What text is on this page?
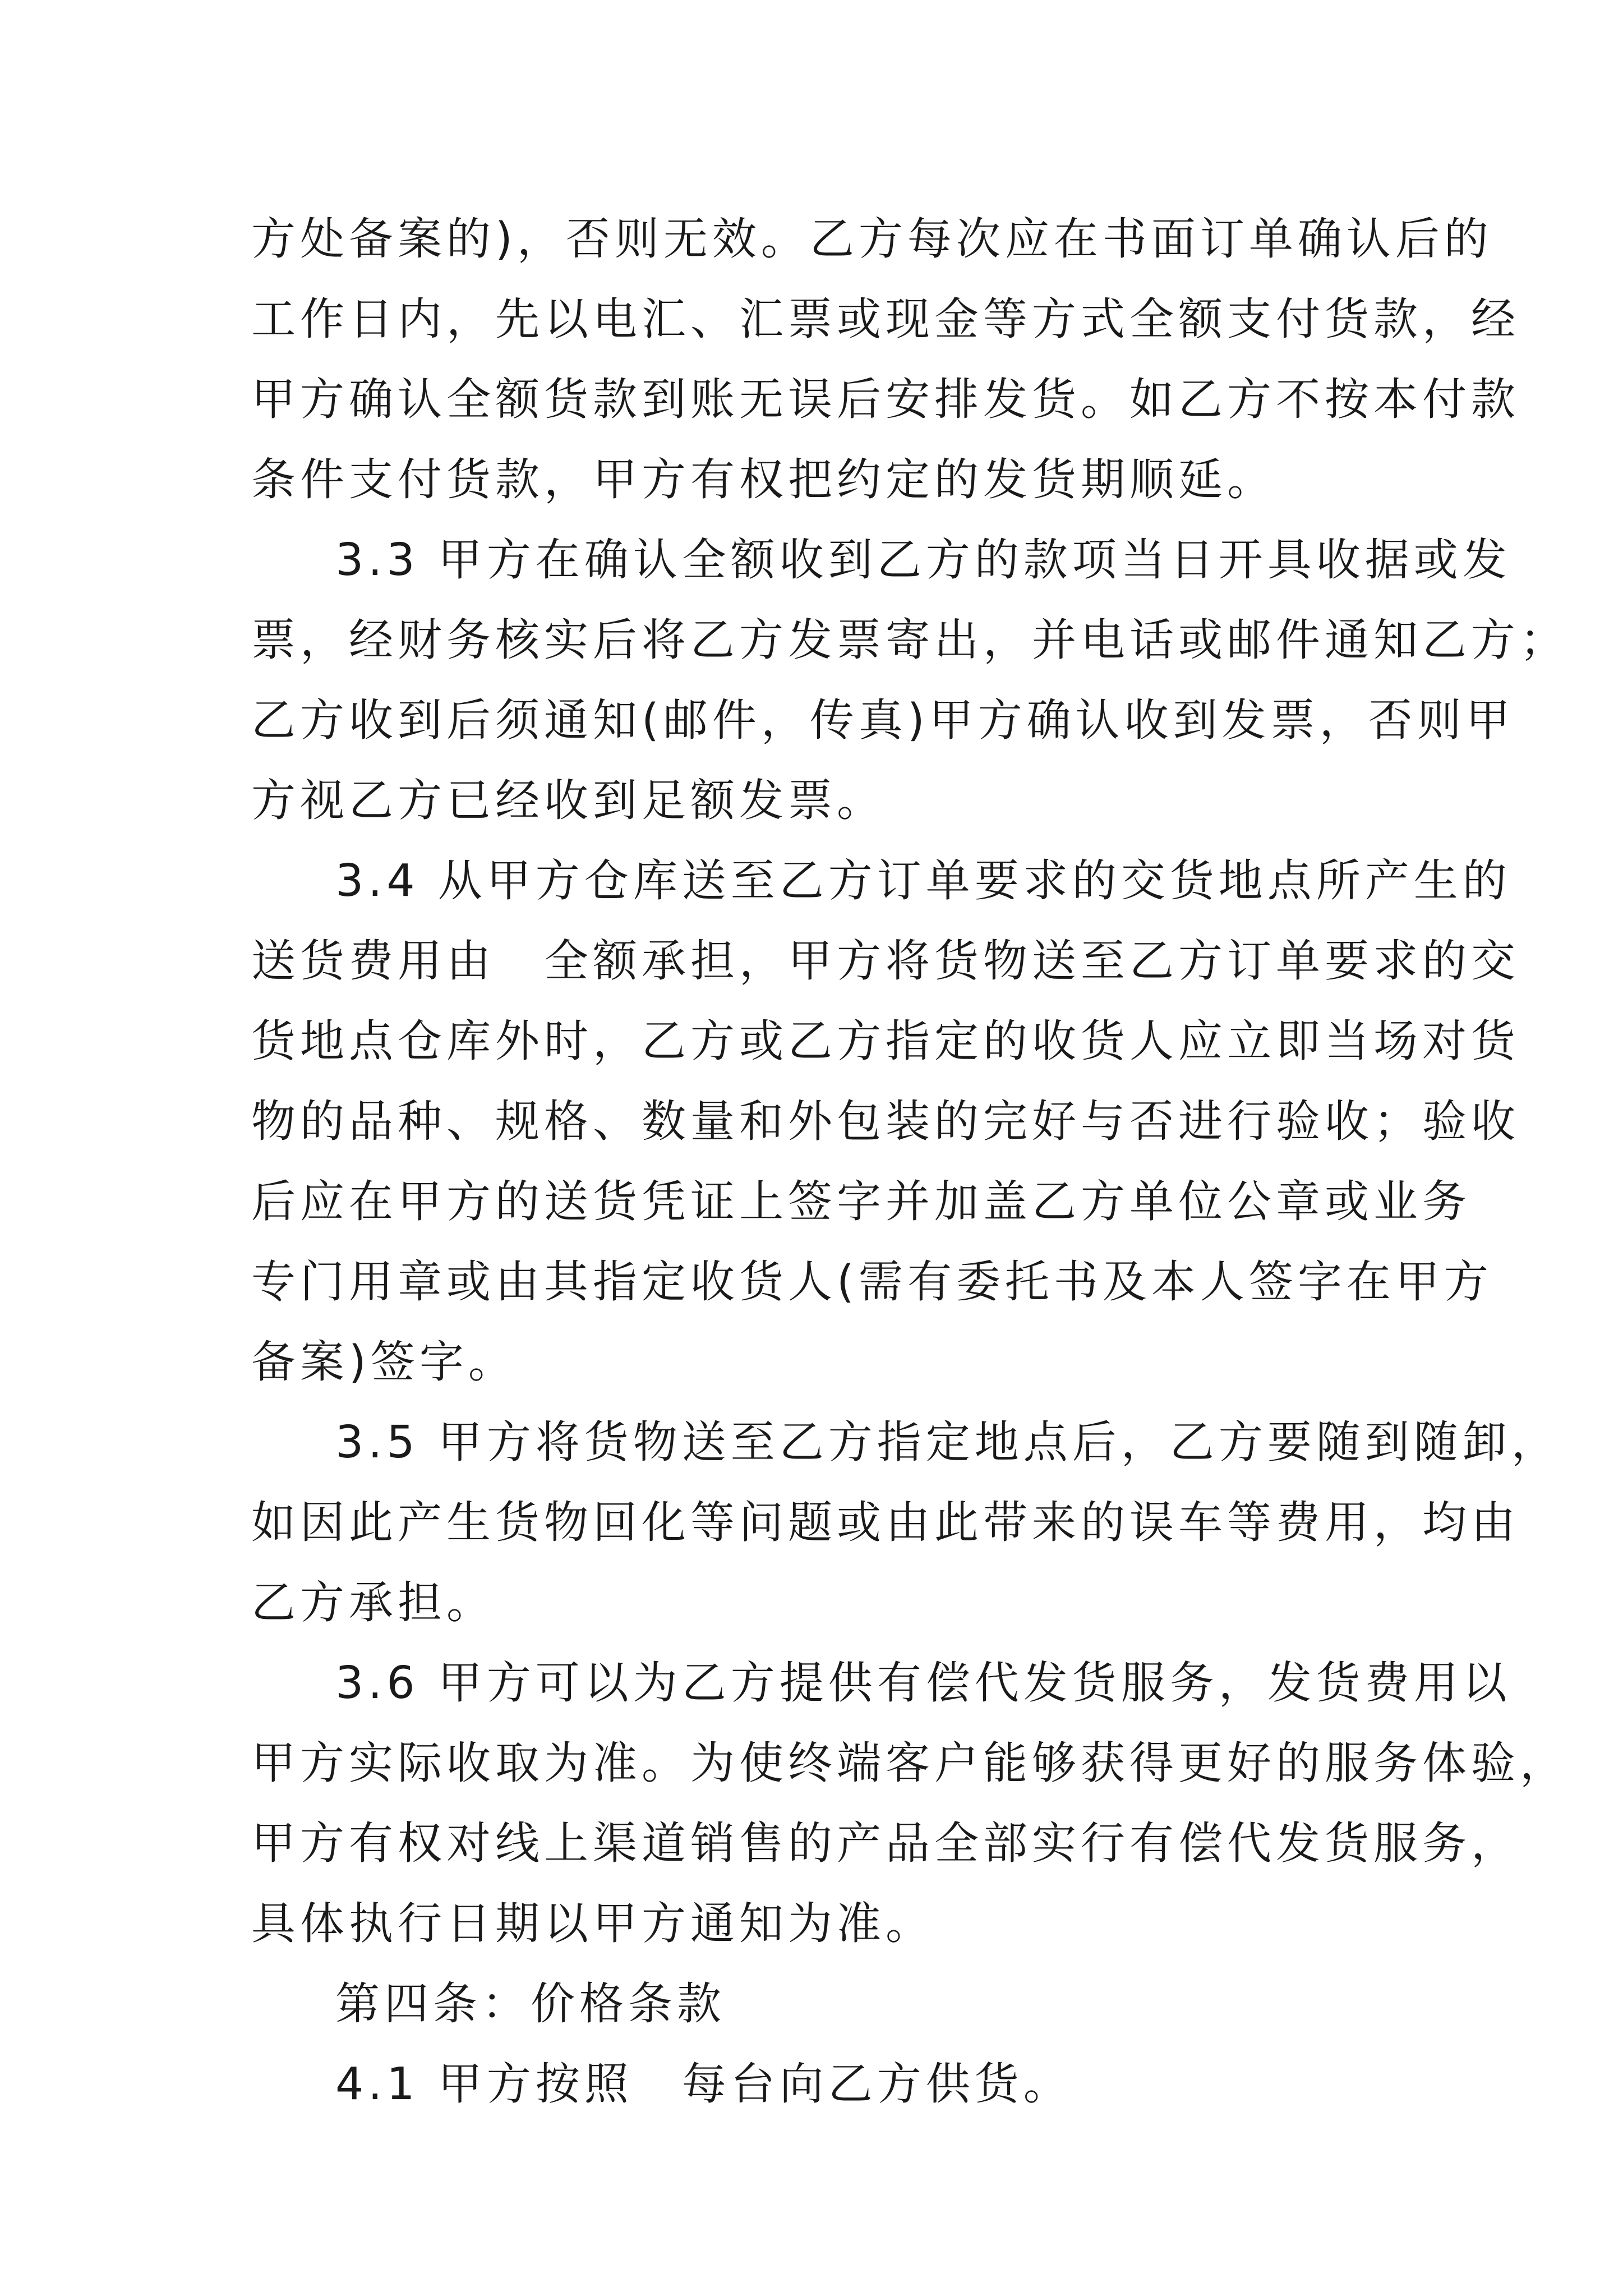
方处备案的)，否则无效。乙方每次应在书面订单确认后的
工作日内，先以电汇、汇票或现金等方式全额支付货款，经
甲方确认全额货款到账无误后安排发货。如乙方不按本付款
条件支付货款，甲方有权把约定的发货期顺延。
3.3 甲方在确认全额收到乙方的款项当日开具收据或发
票，经财务核实后将乙方发票寄出，并电话或邮件通知乙方；
乙方收到后须通知(邮件，传真)甲方确认收到发票，否则甲
方视乙方已经收到足额发票。
3.4 从甲方仓库送至乙方订单要求的交货地点所产生的
送货费用由　全额承担，甲方将货物送至乙方订单要求的交
货地点仓库外时，乙方或乙方指定的收货人应立即当场对货
物的品种、规格、数量和外包装的完好与否进行验收；验收
后应在甲方的送货凭证上签字并加盖乙方单位公章或业务
专门用章或由其指定收货人(需有委托书及本人签字在甲方
备案)签字。
3.5 甲方将货物送至乙方指定地点后，乙方要随到随卸，
如因此产生货物回化等问题或由此带来的误车等费用，均由
乙方承担。
3.6 甲方可以为乙方提供有偿代发货服务，发货费用以
甲方实际收取为准。为使终端客户能够获得更好的服务体验，
甲方有权对线上渠道销售的产品全部实行有偿代发货服务，
具体执行日期以甲方通知为准。
第四条：价格条款
4.1 甲方按照　每台向乙方供货。
